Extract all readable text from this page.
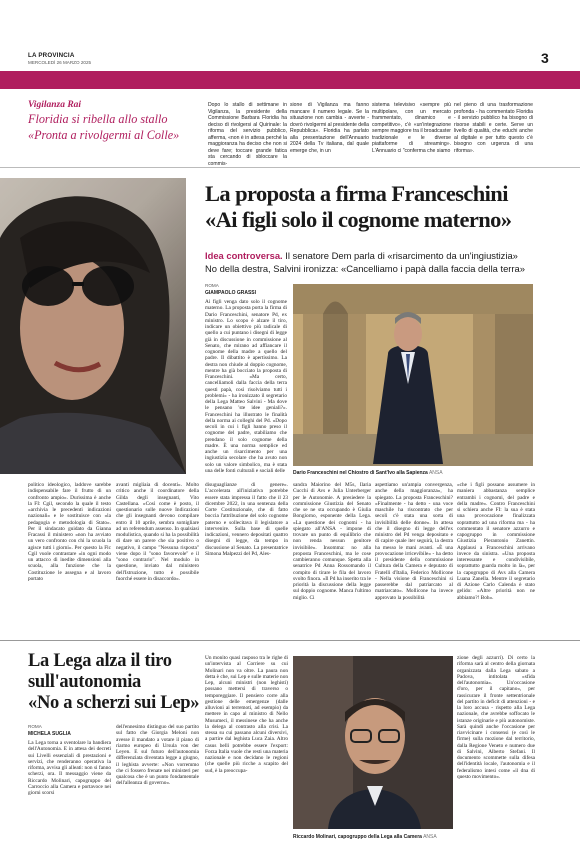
LA PROVINCIA
MERCOLEDÌ 26 MARZO 2025	3
Vigilanza Rai
Floridia si ribella allo stallo «Pronta a rivolgermi al Colle»
Dopo lo stallo di settimane in Vigilanza, la presidente della Commissione Barbara Floridia ha deciso di rivolgersi al Quirinale: la riforma del servizio pubblico, afferma, «non è in attesa perché la maggioranza ha deciso che non si deve fare; toccare grande fatica sta cercando di sbloccare la commis-
sione di Vigilanza ma fanno mancare il numero legale. Se la situazione non cambia - avverte - dovrò rivolgermi al presidente della Repubblica». Floridia ha parlato alla presentazione dell'Annuario 2024 della Tv italiana, dal quale emerge che, in un
sistema televisivo «sempre più multipolare, con un mercato frammentato, dinamico e competitivo», c'è «un'integrazione sempre maggiore tra il broadcaster tradizionale e le diverse piattaforme di streaming». L'Annuario ci "conferma che siamo
nel pieno di una trasformazione profonda - ha commentato Floridia - il servizio pubblico ha bisogno di risorse stabili e certe. Serve un livello di qualità, che educhi anche al digitale e per tutto questo c'è bisogno con urgenza di una riforma».
La proposta a firma Franceschini
«Ai figli solo il cognome materno»
Idea controversa. Il senatore Dem parla di «risarcimento da un'ingiustizia»
No della destra, Salvini ironizza: «Cancelliamo i papà dalla faccia della terra»
ROMA
GIAMPAOLO GRASSI
Ai figli venga dato solo il cognome materno. La proposta porta la firma di Dario Franceschini, senatore Pd, ex ministro. Lo scopo è alzare il tiro, indicare un obiettivo più radicale di quello a cui puntano i disegni di legge già in discussione in commissione al Senato, che mirano ad affiancare il cognome della madre a quello del padre. Il dibattito è apertissimo. La destra non chiude al doppio cognome, mentre ha già bocciato la proposta di Franceschini. «Ma certo, cancelliamoli dalla faccia della terra questi papà, così risolviamo tutti i problemi» - ha ironizzato il segretario della Lega Matteo Salvini - Ma dove le pensano 'ste idee geniali?». Franceschini ha illustrato le finalità della norma ai colleghi del Pd. «Dopo secoli in cui i figli hanno preso il cognome del padre, stabiliamo che prendano il solo cognome della madre. È una norma semplice ed anche un risarcimento per una ingiustizia secolare che ha avuto non solo un valore simbolico, ma è stata una delle fonti culturali e sociali delle	Dario Franceschini nel Chiostro di Sant'Ivo alla Sapienza ANSA
politico ideologico, laddove sarebbe indispensabile fare il frutto di un confronto ampio». Durissima è anche la FI: Cgil, secondo la quale il testo «archivia le precedenti indicazioni nazionali» e le sostituisce con «la pedagogia e metodologia di Stato». Per il sindacato guidato da Gianna Fracassi il ministero «non ha avviato un vero confronto con chi la scuola la agisce tutti i giorni». Per questo la Flc Cgil vuole contrastare «in ogni modo un attacco di inedite dimensioni alla scuola, alla funzione che la Costituzione le assegna e al lavoro portato
avanti migliaia di docenti». Molto critico anche il coordinatore della Gilda degli insegnanti, Vito Castellana. «Così come è posto, il questionario sulle nuove Indicazioni che gli insegnanti devono compilare entro il 10 aprile, sembra somigliare ad un referendum assenso. In qualsiasi modulistica, quando si ha la possibilità di dare un parere che sia positivo o negativo, il campo "Nessuna risposta" viene dopo il "sono favorevole" e il "sono contrario". Nel modulo in questione, inviato dal ministero dell'Istruzione, tutto è possibile fuorché essere in disaccordo».
disuguaglianze di genere». L'accelerata all'iniziativa potrebbe essere stata impressa il fatto che il 23 dicembre 2022, in una sentenza della Corte Costituzionale, che di fatto boccia l'attribuzione del solo cognome paterno e sollecitava il legislatore a intervenire. Sulla base di quelle indicazioni, vennero depositati quattro disegni di legge, da tempo in discussione al Senato. La presentatrice Simona Malpezzi del Pd, Ales-
sandra Maiorino del M5s, Ilaria Cucchi di Avs e Julia Unterberger per le Autonomie. A presiedere la commissione Giustizia del Senato che se ne sta occupando è Giulia Bongiorno, esponente della Lega. «La questione dei cognomi - ha spiegato all'ANSA - impone di trovare un punto di equilibrio che non renda nessun genitore invisibile». Insomma: no alla proposta Franceschini, ma le cose cambieranno comunque. Spetta alla senatrice Pd Anna Rossomando il compito di tirare le fila del lavoro svolto finora. «Il Pd ha inserito tra le priorità la discussione della legge sul doppio cognome. Manca l'ultimo miglio. Ci
aspettiamo un'ampia convergenza, anche della maggioranza», ha spiegato. La proposta Franceschini? «Finalmente - ha detto - una voce maschile ha riscontrato che per secoli c'è stata una sorta di invisibilità delle donne». In attesa che il disegno di legge dell'ex ministro del Pd venga depositato e di capire quale iter seguirà, la destra ha messo le mani avanti. «È una provocazione irricevibile» - ha detto il presidente della commissione Cultura della Camera e deputato di Fratelli d'Italia, Federico Mollicone - Nella visione di Franceschini si passerebbe dal patriarcato al matriarcato». Mollicone ha invece approvato la possibilità
«che i figli possano assumere in maniera abbastanza semplice entrambi i cognomi, del padre e della madre». Contro Franceschini si schiera anche FI: la sua è stata una provocazione finalizzata soprattutto ad una riforma ma - ha commentato il senatore azzurro e capogruppo in commissione Giustizia Pierantonio Zanettin. Applausi a Franceschini arrivano invece da sinistra. «Una proposta interessante e condivisibile, soprattutto guarda molto in là», per la capogruppo di Avs alla Camera Luana Zanella. Mentre il segretario di Azione Carlo Calenda è stato gelido: «Altre priorità non ne abbiamo?! Boh».
La Lega alza il tiro
sull'autonomia
«No a scherzi sui Lep»
ROMA
MICHELA SUGLIA
La Lega torna a sventolare la bandiera dell'Autonomia. E in attesa dei decreti sui Livelli essenziali di prestazioni e servizi, che renderanno operativa la riforma, avvisa gli alleati: non si fanno scherzi, ora. Il messaggio viene da Riccardo Molinari, capogruppo del Carroccio alla Camera e portavoce nei giorni scorsi
dell'ennesimo distinguo del suo partito sul fatto che Giorgia Meloni non avesse il mandato a votare il piano di riarmo europeo di Ursula von der Leyen. E sul futuro dell'autonomia differenziata diventata legge a giugno, il leghista avverte: «Non vorremmo che ci fossero frenate nei ministeri per qualcosa che è un punto fondamentale dell'alleanza di governo».
Un monito quasi rasposo tra le righe di un'intervista al Corriere su cui Molinari non va oltre. La paura non detta è che, sui Lep e sulle materie non Lep, alcuni ministri (non leghisti) possano mettersi di traverso o temporeggiare. Il pensiero corre alla gestione delle emergenze (dalle alluvioni ai terremoti, ad esempio) da mettere in capo al ministro di Nello Musumeci, il messinese che ha anche la delega al contrasto alla crisi. La stessa su cui passano alcuni diversivi, a partire dal leghista Luca Zaia. Altro casus belli potrebbe essere l'export: Forza Italia vuole che resti una materia nazionale e non decidano le regioni (che quelle più ricche a scapito del sud, è la preoccupa-
Riccardo Molinari, capogruppo della Lega alla Camera ANSA
zione degli azzurri). Di certo la riforma sarà al centro della giornata organizzata dalla Lega sabato a Padova, intitolata «sfida dell'autonomia». Un'occasione d'oro, per il capitano», per rassicurare il fronte settentrionale del partito in deficit di attenzioni - e la loro accusa - rispetto alla Lega nazionale, che avrebbe soffocato le istanze originarie e più autonomiste. Sarà quindi anche l'occasione per riavvicinare i consensi (e così le firme) sulla mozione dal territorio, dalla Regione Veneto e numero due di Salvini, Alberto Stefani. Il documento scommette sulla difesa dell'identità locale, l'autonomia e il federalismo intesi come «il dna di questo movimento».
